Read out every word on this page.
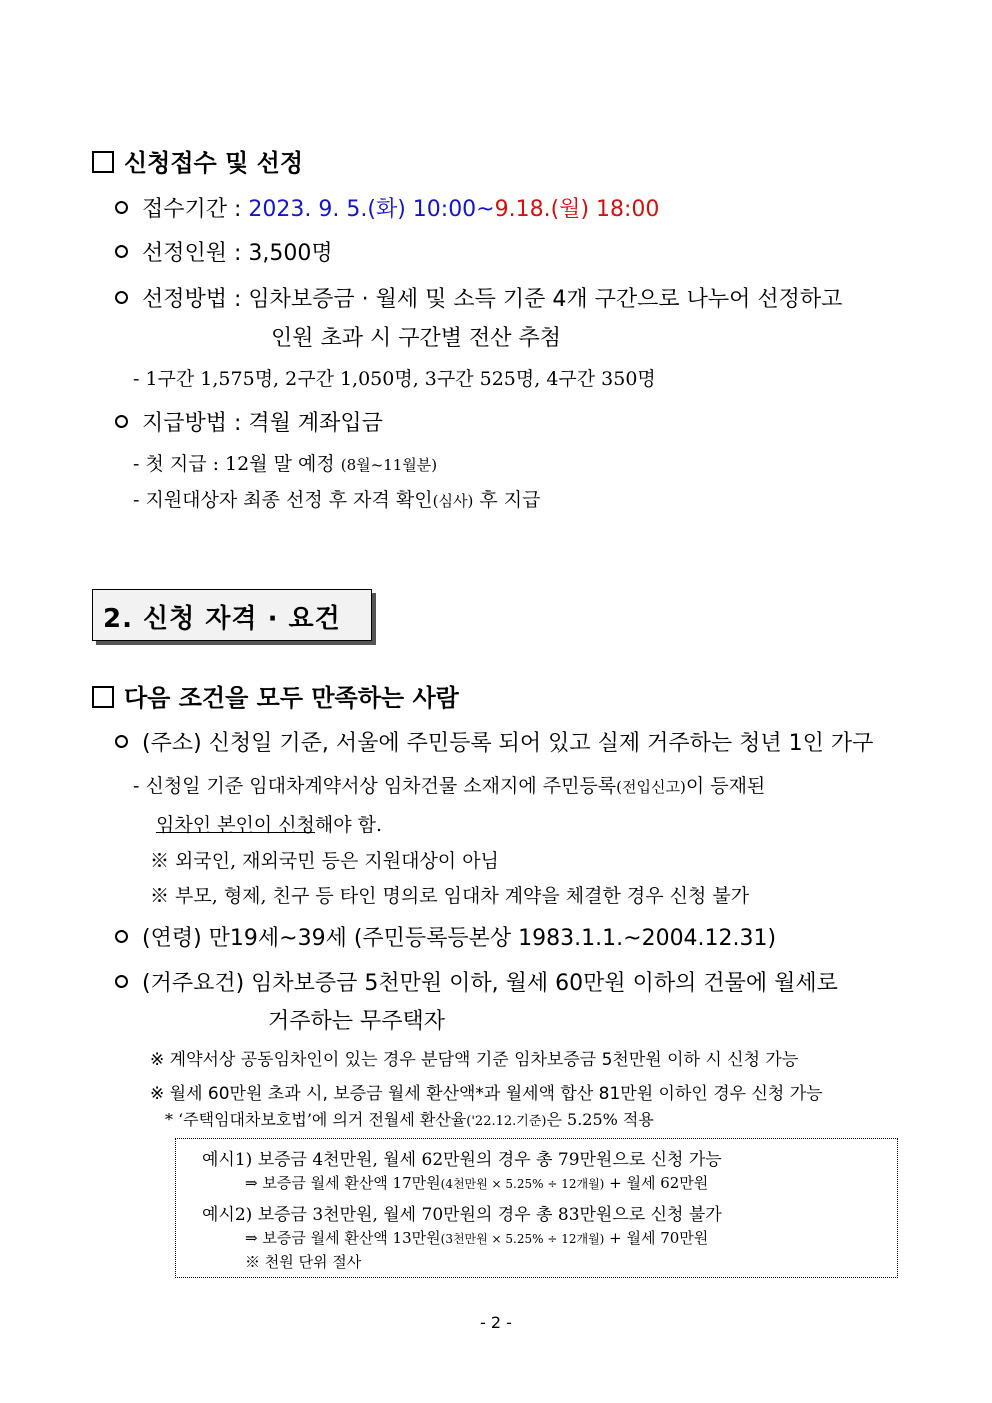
신청접수 및 선정
접수기간 : 2023. 9. 5.(화) 10:00~9.18.(월) 18:00
선정인원 : 3,500명
선정방법 : 임차보증금 · 월세 및 소득 기준 4개 구간으로 나누어 선정하고
인원 초과 시 구간별 전산 추첨
- 1구간 1,575명, 2구간 1,050명, 3구간 525명, 4구간 350명
지급방법 : 격월 계좌입금
- 첫 지급 : 12월 말 예정 (8월~11월분)
- 지원대상자 최종 선정 후 자격 확인(심사) 후 지급
2. 신청 자격 · 요건
다음 조건을 모두 만족하는 사람
(주소) 신청일 기준, 서울에 주민등록 되어 있고 실제 거주하는 청년 1인 가구
- 신청일 기준 임대차계약서상 임차건물 소재지에 주민등록(전입신고)이 등재된
임차인 본인이 신청해야 함.
※ 외국인, 재외국민 등은 지원대상이 아님
※ 부모, 형제, 친구 등 타인 명의로 임대차 계약을 체결한 경우 신청 불가
(연령) 만19세~39세 (주민등록등본상 1983.1.1.~2004.12.31)
(거주요건) 임차보증금 5천만원 이하, 월세 60만원 이하의 건물에 월세로
거주하는 무주택자
※ 계약서상 공동임차인이 있는 경우 분담액 기준 임차보증금 5천만원 이하 시 신청 가능
※ 월세 60만원 초과 시, 보증금 월세 환산액*과 월세액 합산 81만원 이하인 경우 신청 가능
* ‘주택임대차보호법’에 의거 전월세 환산율('22.12.기준)은 5.25% 적용
예시1) 보증금 4천만원, 월세 62만원의 경우 총 79만원으로 신청 가능
⇒ 보증금 월세 환산액 17만원(4천만원 × 5.25% ÷ 12개월) + 월세 62만원
예시2) 보증금 3천만원, 월세 70만원의 경우 총 83만원으로 신청 불가
⇒ 보증금 월세 환산액 13만원(3천만원 × 5.25% ÷ 12개월) + 월세 70만원
※ 천원 단위 절사
- 2 -
